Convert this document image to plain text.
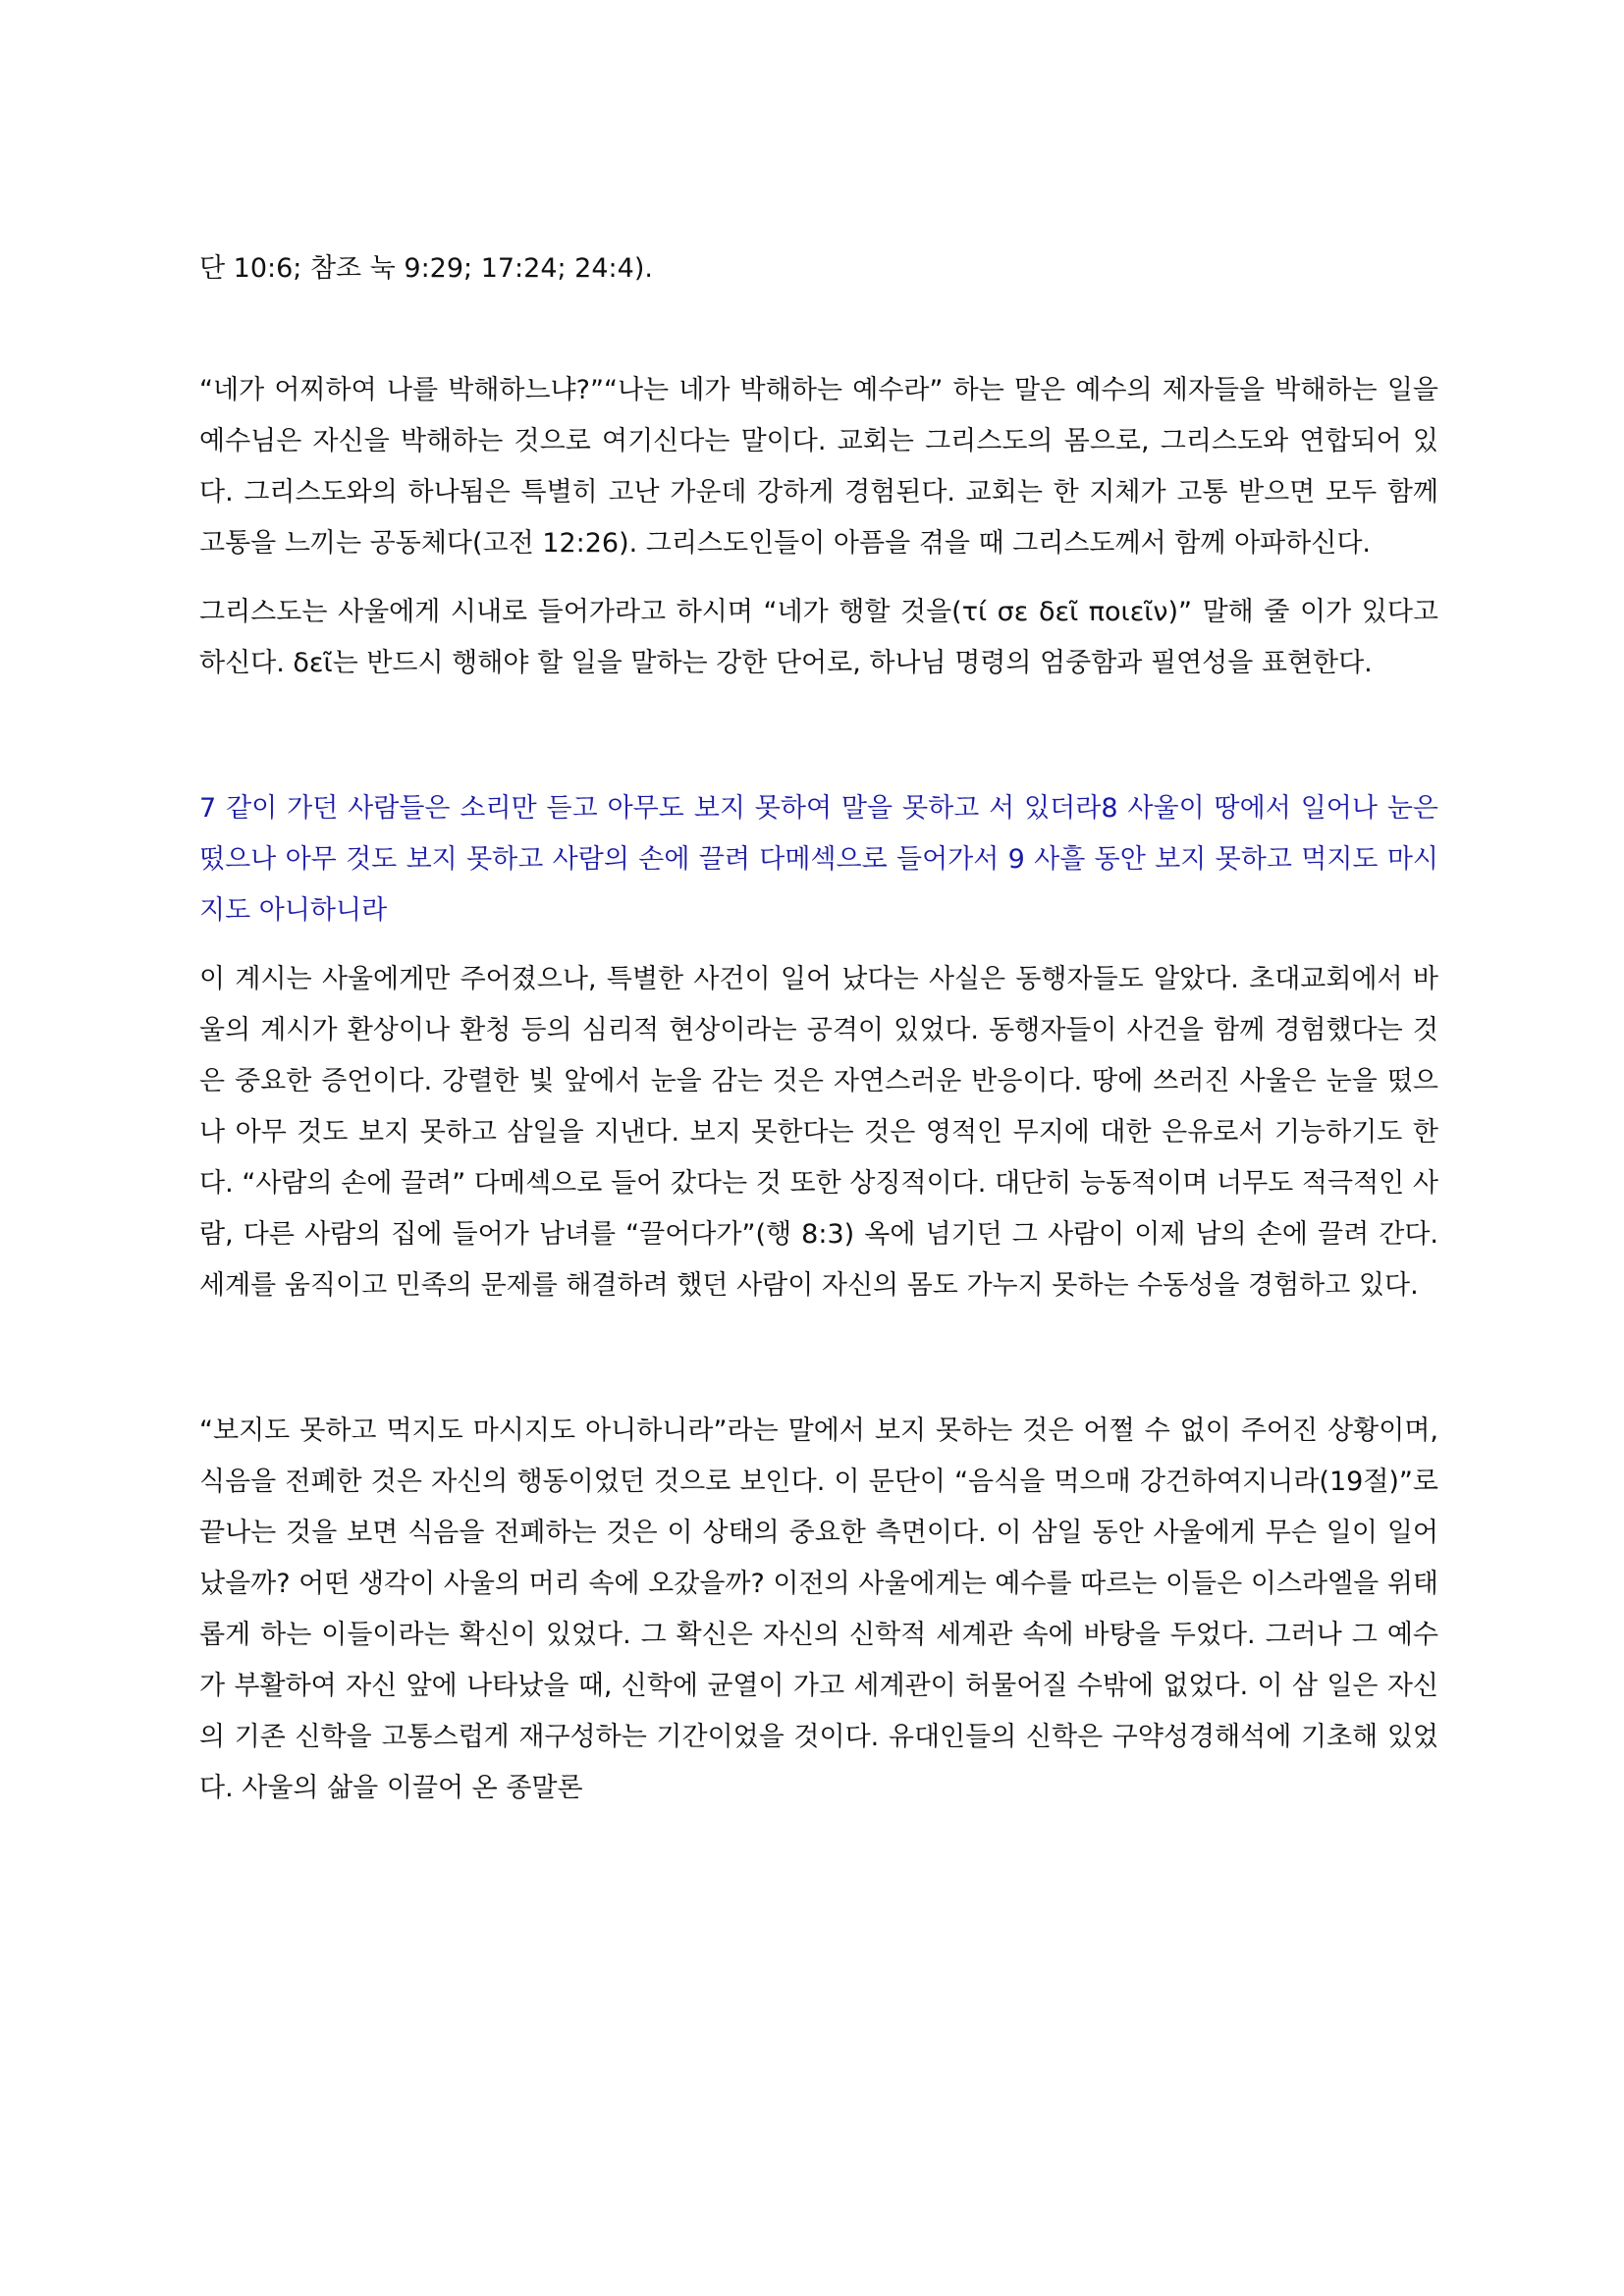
단 10:6; 참조 눅 9:29; 17:24; 24:4).

“네가 어찌하여 나를 박해하느냐?”“나는 네가 박해하는 예수라” 하는 말은 예수의 제자들을 박해하는 일을 예수님은 자신을 박해하는 것으로 여기신다는 말이다. 교회는 그리스도의 몸으로, 그리스도와 연합되어 있다. 그리스도와의 하나됨은 특별히 고난 가운데 강하게 경험된다. 교회는 한 지체가 고통 받으면 모두 함께 고통을 느끼는 공동체다(고전 12:26). 그리스도인들이 아픔을 겪을 때 그리스도께서 함께 아파하신다.

그리스도는 사울에게 시내로 들어가라고 하시며 “네가 행할 것을(τί σε δεῖ ποιεῖν)” 말해 줄 이가 있다고 하신다. δεῖ는 반드시 행해야 할 일을 말하는 강한 단어로, 하나님 명령의 엄중함과 필연성을 표현한다.

7 같이 가던 사람들은 소리만 듣고 아무도 보지 못하여 말을 못하고 서 있더라8 사울이 땅에서 일어나 눈은 떴으나 아무 것도 보지 못하고 사람의 손에 끌려 다메섹으로 들어가서 9 사흘 동안 보지 못하고 먹지도 마시지도 아니하니라

이 계시는 사울에게만 주어졌으나, 특별한 사건이 일어 났다는 사실은 동행자들도 알았다. 초대교회에서 바울의 계시가 환상이나 환청 등의 심리적 현상이라는 공격이 있었다. 동행자들이 사건을 함께 경험했다는 것은 중요한 증언이다. 강렬한 빛 앞에서 눈을 감는 것은 자연스러운 반응이다. 땅에 쓰러진 사울은 눈을 떴으나 아무 것도 보지 못하고 삼일을 지낸다. 보지 못한다는 것은 영적인 무지에 대한 은유로서 기능하기도 한다. “사람의 손에 끌려” 다메섹으로 들어 갔다는 것 또한 상징적이다. 대단히 능동적이며 너무도 적극적인 사람, 다른 사람의 집에 들어가 남녀를 “끌어다가”(행 8:3) 옥에 넘기던 그 사람이 이제 남의 손에 끌려 간다. 세계를 움직이고 민족의 문제를 해결하려 했던 사람이 자신의 몸도 가누지 못하는 수동성을 경험하고 있다.

“보지도 못하고 먹지도 마시지도 아니하니라”라는 말에서 보지 못하는 것은 어쩔 수 없이 주어진 상황이며, 식음을 전폐한 것은 자신의 행동이었던 것으로 보인다. 이 문단이 “음식을 먹으매 강건하여지니라(19절)”로 끝나는 것을 보면 식음을 전폐하는 것은 이 상태의 중요한 측면이다. 이 삼일 동안 사울에게 무슨 일이 일어났을까? 어떤 생각이 사울의 머리 속에 오갔을까? 이전의 사울에게는 예수를 따르는 이들은 이스라엘을 위태롭게 하는 이들이라는 확신이 있었다. 그 확신은 자신의 신학적 세계관 속에 바탕을 두었다. 그러나 그 예수가 부활하여 자신 앞에 나타났을 때, 신학에 균열이 가고 세계관이 허물어질 수밖에 없었다. 이 삼 일은 자신의 기존 신학을 고통스럽게 재구성하는 기간이었을 것이다. 유대인들의 신학은 구약성경해석에 기초해 있었다. 사울의 삶을 이끌어 온 종말론
